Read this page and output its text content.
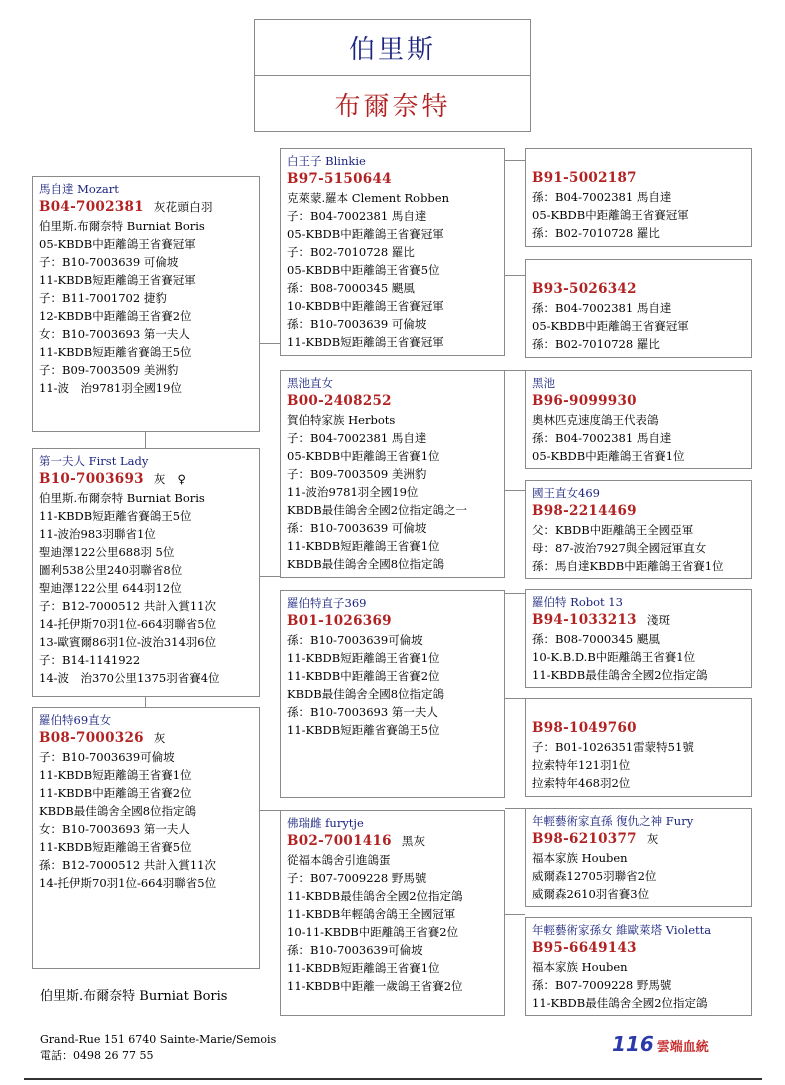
伯里斯
布爾奈特
馬自達 Mozart
B04-7002381 灰花頭白羽
伯里斯.布爾奈特 Burniat Boris
05-KBDB中距離鴿王省賽冠軍
子：B10-7003639 可倫坡
11-KBDB短距離鴿王省賽冠軍
子：B11-7001702 捷豹
12-KBDB中距離鴿王省賽2位
女：B10-7003693 第一夫人
11-KBDB短距離省賽鴿王5位
子：B09-7003509 美洲豹
11-波　治9781羽全國19位
第一夫人 First Lady
B10-7003693 灰　♀
伯里斯.布爾奈特 Burniat Boris
11-KBDB短距離省賽鴿王5位
11-波治983羽聯省1位
聖迪澤122公里688羽 5位
圖利538公里240羽聯省8位
聖迪澤122公里 644羽12位
子：B12-7000512 共計入賞11次
14-托伊斯70羽1位-664羽聯省5位
13-歐賓爾86羽1位-波治314羽6位
子：B14-1141922
14-波　治370公里1375羽省賽4位
羅伯特69直女
B08-7000326 灰
子：B10-7003639可倫坡
11-KBDB短距離鴿王省賽1位
11-KBDB中距離鴿王省賽2位
KBDB最佳鴿舍全國8位指定鴿
女：B10-7003693 第一夫人
11-KBDB短距離鴿王省賽5位
孫：B12-7000512 共計入賞11次
14-托伊斯70羽1位-664羽聯省5位
白王子 Blinkie
B97-5150644
克萊蒙.羅本 Clement Robben
子：B04-7002381 馬自達
05-KBDB中距離鴿王省賽冠軍
子：B02-7010728 羅比
05-KBDB中距離鴿王省賽5位
孫：B08-7000345 颶風
10-KBDB中距離鴿王省賽冠軍
孫：B10-7003639 可倫坡
11-KBDB短距離鴿王省賽冠軍
黑池直女
B00-2408252
賀伯特家族 Herbots
子：B04-7002381 馬自達
05-KBDB中距離鴿王省賽1位
子：B09-7003509 美洲豹
11-波治9781羽全國19位
KBDB最佳鴿舍全國2位指定鴿之一
孫：B10-7003639 可倫坡
11-KBDB短距離鴿王省賽1位
KBDB最佳鴿舍全國8位指定鴿
羅伯特直子369
B01-1026369
孫：B10-7003639可倫坡
11-KBDB短距離鴿王省賽1位
11-KBDB中距離鴿王省賽2位
KBDB最佳鴿舍全國8位指定鴿
孫：B10-7003693 第一夫人
11-KBDB短距離省賽鴿王5位
佛瑞雌 furytje
B02-7001416 黑灰
從福本鴿舍引進鴿蛋
子：B07-7009228 野馬號
11-KBDB最佳鴿舍全國2位指定鴿
11-KBDB年輕鴿舍鴿王全國冠軍
10-11-KBDB中距離鴿王省賽2位
孫：B10-7003639可倫坡
11-KBDB短距離鴿王省賽1位
11-KBDB中距離一歲鴿王省賽2位
B91-5002187
孫：B04-7002381 馬自達
05-KBDB中距離鴿王省賽冠軍
孫：B02-7010728 羅比
B93-5026342
孫：B04-7002381 馬自達
05-KBDB中距離鴿王省賽冠軍
孫：B02-7010728 羅比
黑池
B96-9099930
奧林匹克速度鴿王代表鴿
孫：B04-7002381 馬自達
05-KBDB中距離鴿王省賽1位
國王直女469
B98-2214469
父：KBDB中距離鴿王全國亞軍
母：87-波治7927與全國冠軍直女
孫：馬自達KBDB中距離鴿王省賽1位
羅伯特 Robot 13
B94-1033213 淺斑
孫：B08-7000345 颶風
10-K.B.D.B中距離鴿王省賽1位
11-KBDB最佳鴿舍全國2位指定鴿
B98-1049760
子：B01-1026351雷蒙特51號
拉索特年121羽1位
拉索特年468羽2位
年輕藝術家直孫 復仇之神 Fury
B98-6210377 灰
福本家族 Houben
威爾森12705羽聯省2位
威爾森2610羽省賽3位
年輕藝術家孫女 維歐萊塔 Violetta
B95-6649143
福本家族 Houben
孫：B07-7009228 野馬號
11-KBDB最佳鴿舍全國2位指定鴿
伯里斯.布爾奈特 Burniat Boris
Grand-Rue 151 6740 Sainte-Marie/Semois
電話：0498 26 77 55	116 雲端血統
